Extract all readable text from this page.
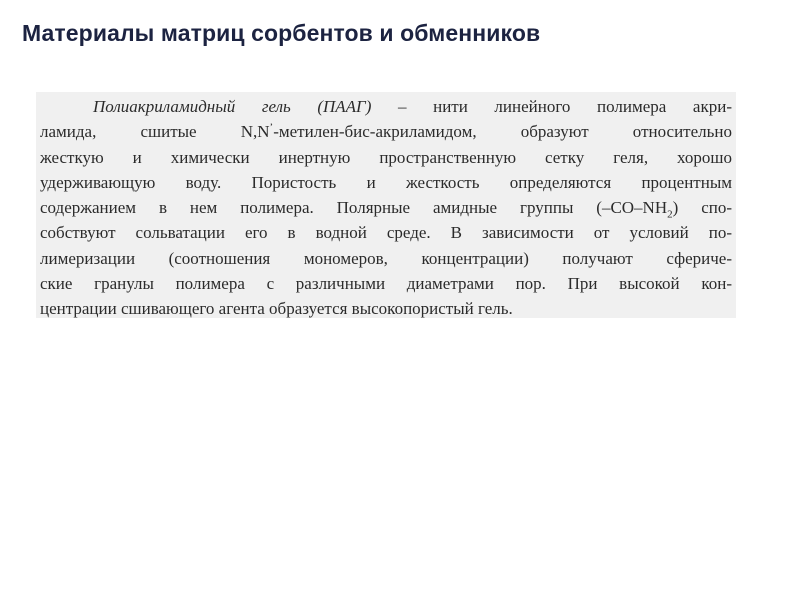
Материалы матриц сорбентов и обменников
Полиакриламидный гель (ПААГ) – нити линейного полимера акри-
ламида, сшитые N,N’-метилен-бис-акриламидом, образуют относительно
жесткую и химически инертную пространственную сетку геля, хорошо
удерживающую воду. Пористость и жесткость определяются процентным
содержанием в нем полимера. Полярные амидные группы $(-CO-NH_2)$ спо-
собствуют сольватации его в водной среде. В зависимости от условий по-
лимеризации (соотношения мономеров, концентрации) получают сфериче-
ские гранулы полимера с различными диаметрами пор. При высокой кон-
центрации сшивающего агента образуется высокопористый гель.
